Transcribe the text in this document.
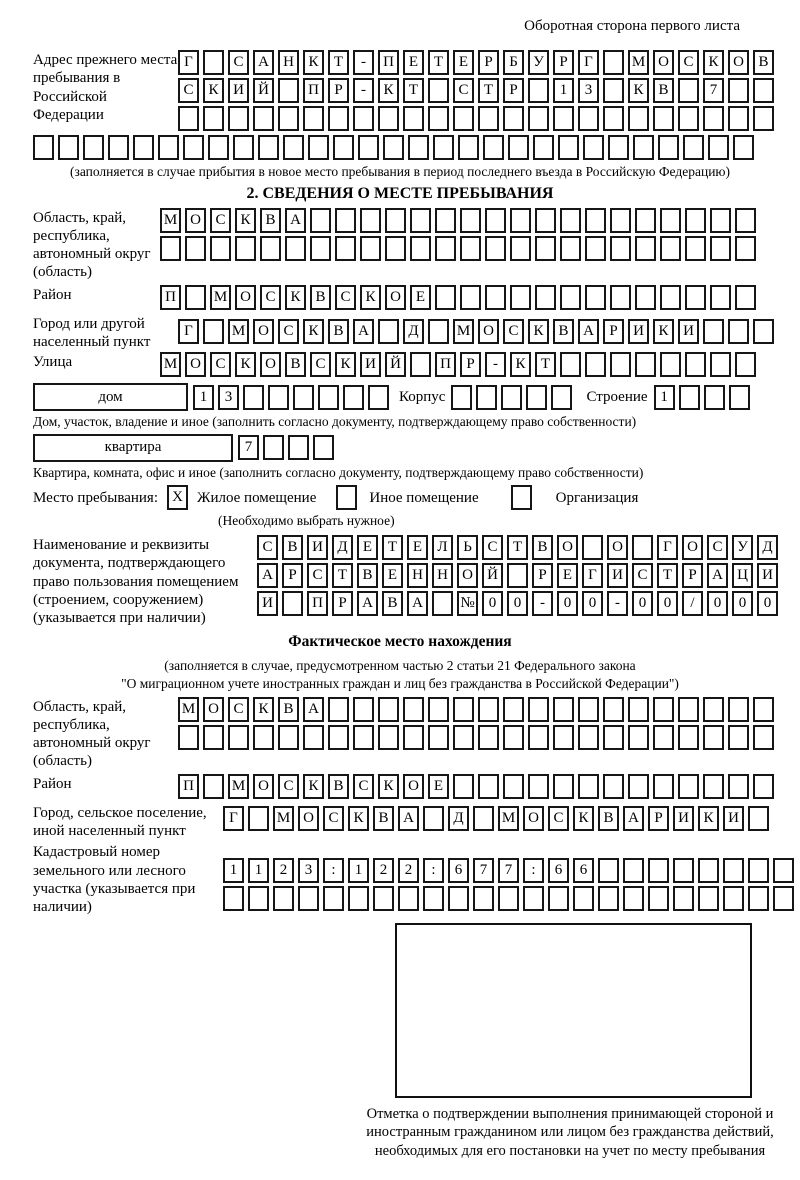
Оборотная сторона первого листа
Адрес прежнего места пребывания в Российской Федерации
Г	С А Н К	Т	-	П Е	Т	Е	Р	Б	У	Р	Г	М О С К О В
С К И Й	П	Р	-	К	Т	С	Т	Р	1	3	К В	7
(заполняется в случае прибытия в новое место пребывания в период последнего въезда в Российскую Федерацию)
2. СВЕДЕНИЯ О МЕСТЕ ПРЕБЫВАНИЯ
Область, край, республика, автономный округ (область)
М О С К В А
Район	П	М О С К В С К О Е
Город или другой населенный пункт
Г	М О С К В А	Д	М О С К В А	Р	И К И
Улица	М О С К О В С К И Й	П	Р	-	К	Т
дом	1	3	Корпус	Строение 1
Дом, участок, владение и иное (заполнить согласно документу, подтверждающему право собственности)
квартира	7
Квартира, комната, офис и иное (заполнить согласно документу, подтверждающему право собственности)
Место пребывания: X Жилое помещение	Иное помещение	Организация
(Необходимо выбрать нужное)
Наименование и реквизиты документа, подтверждающего право пользования помещением (строением, сооружением) (указывается при наличии)
С В И Д	Е	Т	Е	Л	Ь	С	Т	В О	О	Г	О С У Д
А	Р	С	Т	В	Е	Н Н О Й	Р	Е	Г	И С	Т	Р	А Ц И
И	П	Р	А В А	№ 0	0	-	0	0	-	0	0	/	0	0	0
Фактическое место нахождения
(заполняется в случае, предусмотренном частью 2 статьи 21 Федерального закона
"О миграционном учете иностранных граждан и лиц без гражданства в Российской Федерации")
Область, край, республика, автономный округ (область)
М О С К В А
Район	П	М О С К В С К О Е
Город, сельское поселение, иной населенный пункт
Г	М О С К В А	Д	М О С К В А	Р	И К И
Кадастровый номер земельного или лесного участка (указывается при наличии)
1	1	2	3	:	1	2	2	:	6	7	7	:	6	6
Отметка о подтверждении выполнения принимающей стороной и иностранным гражданином или лицом без гражданства действий, необходимых для его постановки на учет по месту пребывания
